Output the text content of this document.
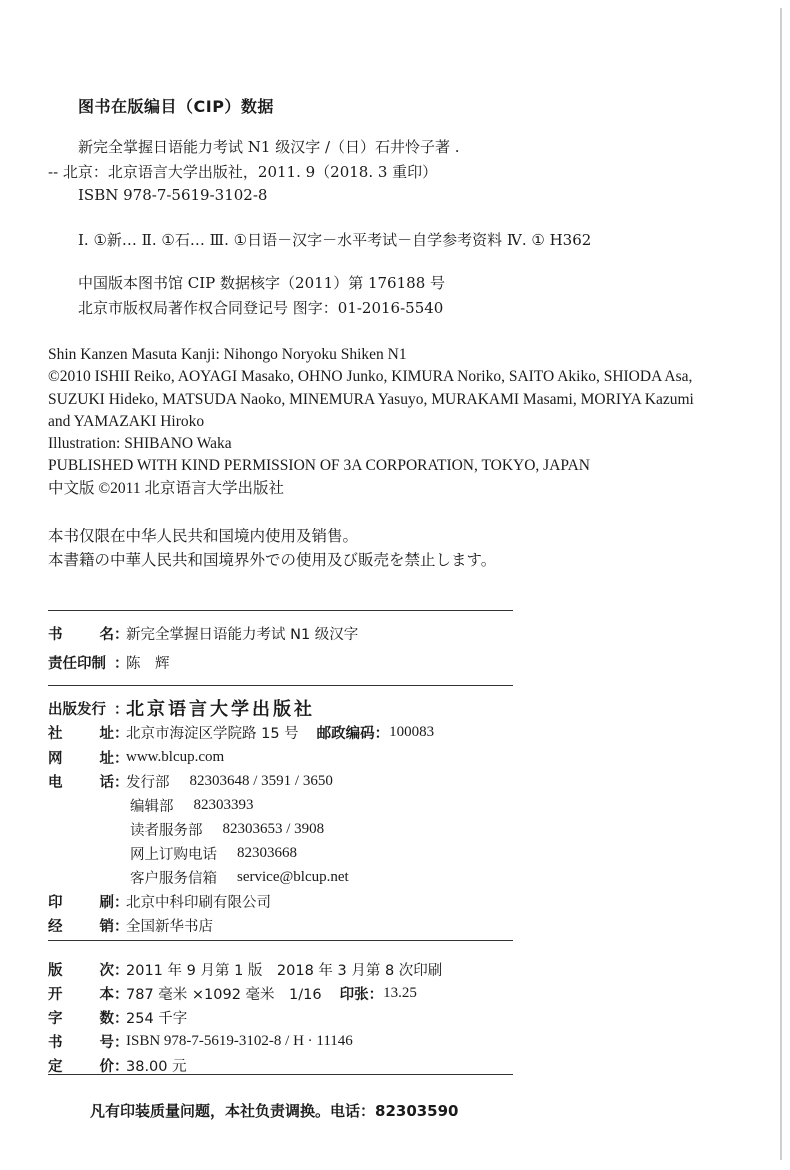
图书在版编目（CIP）数据
新完全掌握日语能力考试 N1 级汉字 /（日）石井怜子著 .
-- 北京：北京语言大学出版社，2011. 9（2018. 3 重印）
ISBN 978-7-5619-3102-8
Ⅰ. ①新… Ⅱ. ①石… Ⅲ. ①日语－汉字－水平考试－自学参考资料 Ⅳ. ① H362
中国版本图书馆 CIP 数据核字（2011）第 176188 号
北京市版权局著作权合同登记号 图字：01-2016-5540
Shin Kanzen Masuta Kanji: Nihongo Noryoku Shiken N1
©2010 ISHII Reiko, AOYAGI Masako, OHNO Junko, KIMURA Noriko, SAITO Akiko, SHIODA Asa,
SUZUKI Hideko, MATSUDA Naoko, MINEMURA Yasuyo, MURAKAMI Masami, MORIYA Kazumi
and YAMAZAKI Hiroko
Illustration: SHIBANO Waka
PUBLISHED WITH KIND PERMISSION OF 3A CORPORATION, TOKYO, JAPAN
中文版 ©2011 北京语言大学出版社
本书仅限在中华人民共和国境内使用及销售。
本書籍の中華人民共和国境界外での使用及び販売を禁止します。
书	名 ：
新完全掌握日语能力考试 N1 级汉字
责任印制 ：
陈　辉
出版发行 ：
北京语言大学出版社
社	址 ：
北京市海淀区学院路 15 号 邮政编码： 100083
网	址 ：
www.blcup.com
电	话 ：
发行部 82303648 / 3591 / 3650
编辑部 82303393
读者服务部 82303653 / 3908
网上订购电话 82303668
客户服务信箱 service@blcup.net
印	刷 ：
北京中科印刷有限公司
经	销 ：
全国新华书店
版	次 ：
2011 年 9 月第 1 版　2018 年 3 月第 8 次印刷
开	本 ：
787 毫米 ×1092 毫米　1/16 印张： 13.25
字	数 ：
254 千字
书	号 ：
ISBN 978-7-5619-3102-8 / H · 11146
定	价 ：
38.00 元
凡有印装质量问题，本社负责调换。电话：82303590
